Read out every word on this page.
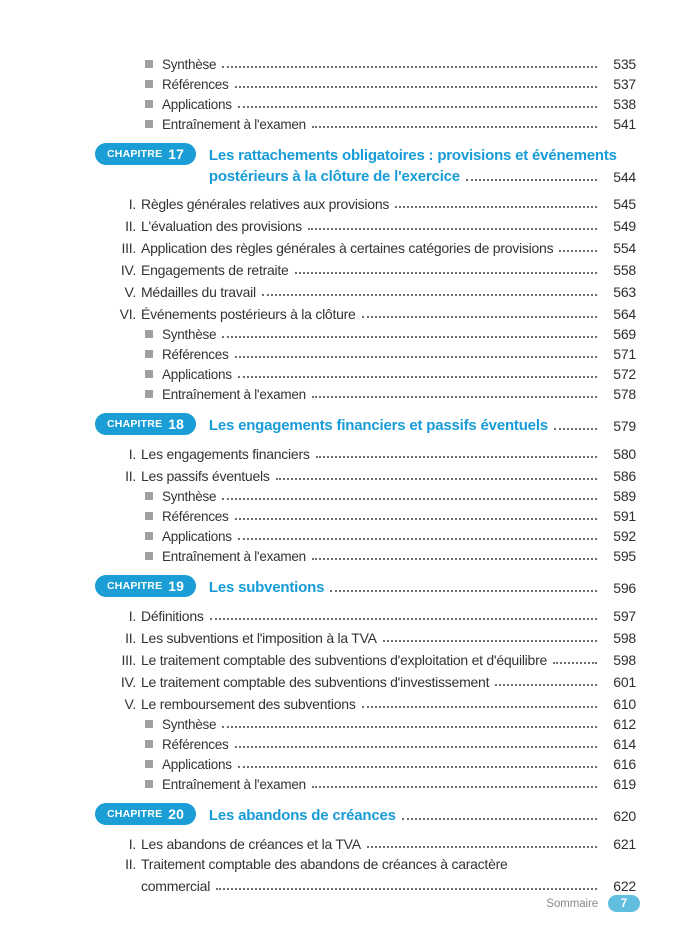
Synthèse	535
Références	537
Applications	538
Entraînement à l'examen	541
CHAPITRE 17 Les rattachements obligatoires : provisions et événements
postérieurs à la clôture de l'exercice	544
I. Règles générales relatives aux provisions	545
II. L'évaluation des provisions	549
III. Application des règles générales à certaines catégories de provisions	554
IV. Engagements de retraite	558
V. Médailles du travail	563
VI. Événements postérieurs à la clôture	564
Synthèse	569
Références	571
Applications	572
Entraînement à l'examen	578
CHAPITRE 18 Les engagements financiers et passifs éventuels	579
I. Les engagements financiers	580
II. Les passifs éventuels	586
Synthèse	589
Références	591
Applications	592
Entraînement à l'examen	595
CHAPITRE 19 Les subventions	596
I. Définitions	597
II. Les subventions et l'imposition à la TVA	598
III. Le traitement comptable des subventions d'exploitation et d'équilibre	598
IV. Le traitement comptable des subventions d'investissement	601
V. Le remboursement des subventions	610
Synthèse	612
Références	614
Applications	616
Entraînement à l'examen	619
CHAPITRE 20 Les abandons de créances	620
I. Les abandons de créances et la TVA	621
II. Traitement comptable des abandons de créances à caractère
commercial	622
Sommaire	7
